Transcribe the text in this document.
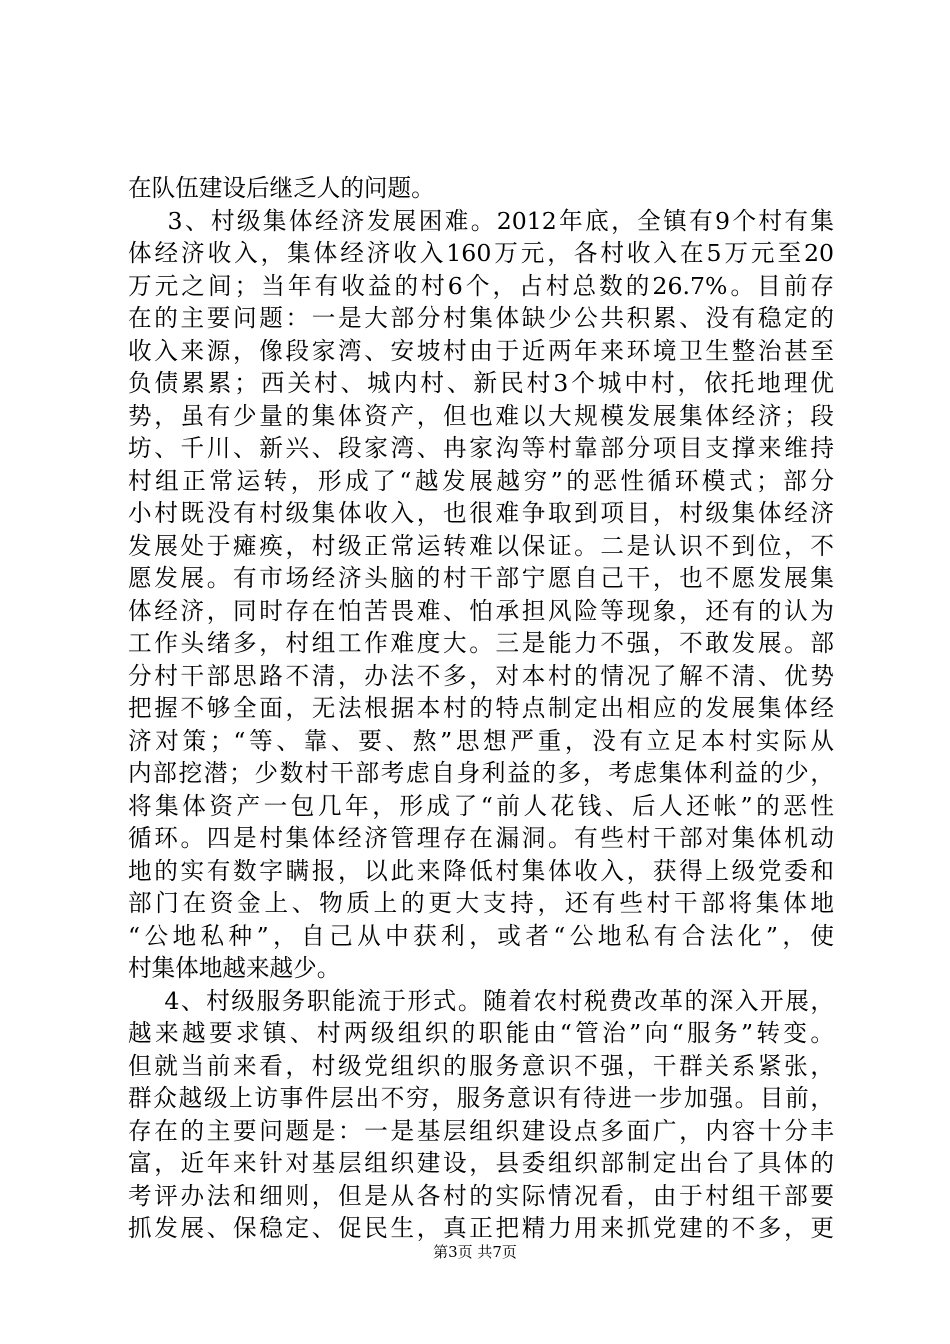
在队伍建设后继乏人的问题。
3、村级集体经济发展困难。2012年底，全镇有9个村有集
体经济收入，集体经济收入160万元，各村收入在5万元至20
万元之间；当年有收益的村6个，占村总数的26.7%。目前存
在的主要问题：一是大部分村集体缺少公共积累、没有稳定的
收入来源，像段家湾、安坡村由于近两年来环境卫生整治甚至
负债累累；西关村、城内村、新民村3个城中村，依托地理优
势，虽有少量的集体资产，但也难以大规模发展集体经济；段
坊、千川、新兴、段家湾、冉家沟等村靠部分项目支撑来维持
村组正常运转，形成了“越发展越穷”的恶性循环模式；部分
小村既没有村级集体收入，也很难争取到项目，村级集体经济
发展处于瘫痪，村级正常运转难以保证。二是认识不到位，不
愿发展。有市场经济头脑的村干部宁愿自己干，也不愿发展集
体经济，同时存在怕苦畏难、怕承担风险等现象，还有的认为
工作头绪多，村组工作难度大。三是能力不强，不敢发展。部
分村干部思路不清，办法不多，对本村的情况了解不清、优势
把握不够全面，无法根据本村的特点制定出相应的发展集体经
济对策；“等、靠、要、熬”思想严重，没有立足本村实际从
内部挖潜；少数村干部考虑自身利益的多，考虑集体利益的少，
将集体资产一包几年，形成了“前人花钱、后人还帐”的恶性
循环。四是村集体经济管理存在漏洞。有些村干部对集体机动
地的实有数字瞒报，以此来降低村集体收入，获得上级党委和
部门在资金上、物质上的更大支持，还有些村干部将集体地
“公地私种”，自己从中获利，或者“公地私有合法化”，使
村集体地越来越少。
4、村级服务职能流于形式。随着农村税费改革的深入开展，
越来越要求镇、村两级组织的职能由“管治”向“服务”转变。
但就当前来看，村级党组织的服务意识不强，干群关系紧张，
群众越级上访事件层出不穷，服务意识有待进一步加强。目前，
存在的主要问题是：一是基层组织建设点多面广，内容十分丰
富，近年来针对基层组织建设，县委组织部制定出台了具体的
考评办法和细则，但是从各村的实际情况看，由于村组干部要
抓发展、保稳定、促民生，真正把精力用来抓党建的不多，更
第3页 共7页
